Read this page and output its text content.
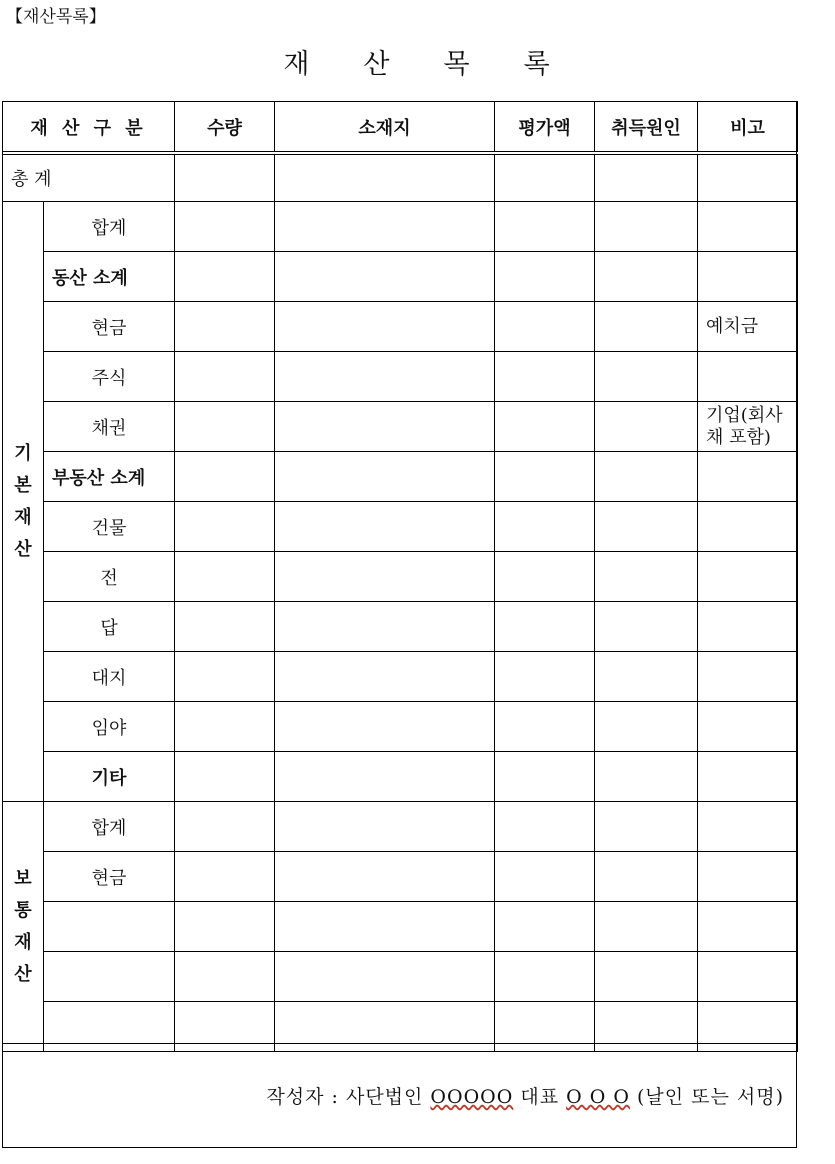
【재산목록】
재 산 목 록
재 산 구 분		수량	소재지	평가액	취득원인	비고
총 계						

기
본
재
산	합계					
	동산 소계					
	현금					예치금
	주식					
	채권					기업(회사채 포함)
	부동산 소계					
	건물					
	전					
	답					
	대지					
	임야					
	기타					

보
통
재
산	합계					
	현금					

작성자 : 사단법인 OOOOO 대표 O O O (날인 또는 서명)
